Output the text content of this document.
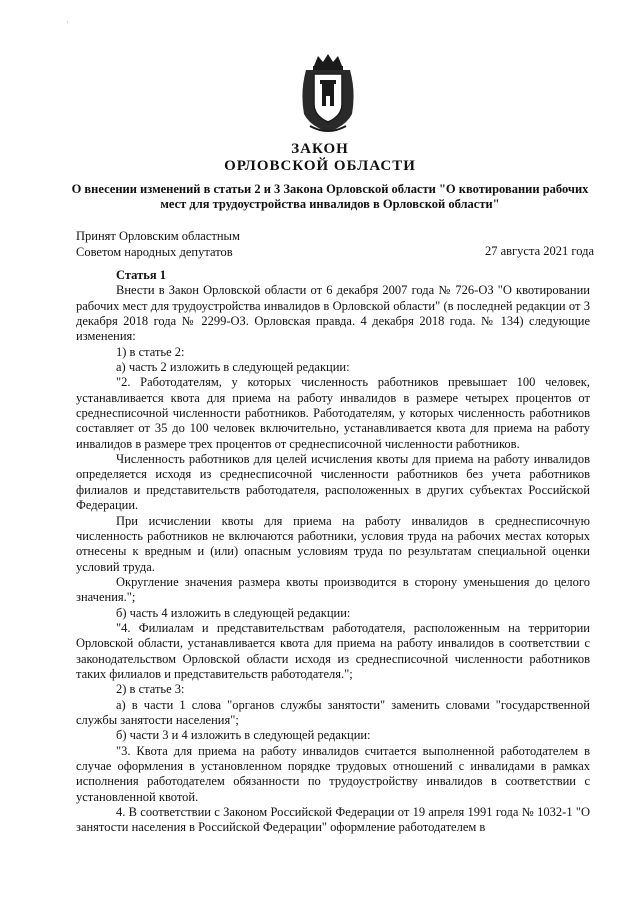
·
ЗАКОН
ОРЛОВСКОЙ ОБЛАСТИ
О внесении изменений в статьи 2 и 3 Закона Орловской области "О квотировании рабочих мест для трудоустройства инвалидов в Орловской области"
Принят Орловским областным
Советом народных депутатов	27 августа 2021 года

Статья 1

Внести в Закон Орловской области от 6 декабря 2007 года № 726-ОЗ "О квотировании рабочих мест для трудоустройства инвалидов в Орловской области" (в последней редакции от 3 декабря 2018 года № 2299-ОЗ. Орловская правда. 4 декабря 2018 года. № 134) следующие изменения:

1) в статье 2:

а) часть 2 изложить в следующей редакции:

"2. Работодателям, у которых численность работников превышает 100 человек, устанавливается квота для приема на работу инвалидов в размере четырех процентов от среднесписочной численности работников. Работодателям, у которых численность работников составляет от 35 до 100 человек включительно, устанавливается квота для приема на работу инвалидов в размере трех процентов от среднесписочной численности работников.

Численность работников для целей исчисления квоты для приема на работу инвалидов определяется исходя из среднесписочной численности работников без учета работников филиалов и представительств работодателя, расположенных в других субъектах Российской Федерации.

При исчислении квоты для приема на работу инвалидов в среднесписочную численность работников не включаются работники, условия труда на рабочих местах которых отнесены к вредным и (или) опасным условиям труда по результатам специальной оценки условий труда.

Округление значения размера квоты производится в сторону уменьшения до целого значения.";

б) часть 4 изложить в следующей редакции:

"4. Филиалам и представительствам работодателя, расположенным на территории Орловской области, устанавливается квота для приема на работу инвалидов в соответствии с законодательством Орловской области исходя из среднесписочной численности работников таких филиалов и представительств работодателя.";

2) в статье 3:

а) в части 1 слова "органов службы занятости" заменить словами "государственной службы занятости населения";

б) части 3 и 4 изложить в следующей редакции:

"3. Квота для приема на работу инвалидов считается выполненной работодателем в случае оформления в установленном порядке трудовых отношений с инвалидами в рамках исполнения работодателем обязанности по трудоустройству инвалидов в соответствии с установленной квотой.

4. В соответствии с Законом Российской Федерации от 19 апреля 1991 года № 1032-1 "О занятости населения в Российской Федерации" оформление работодателем в
